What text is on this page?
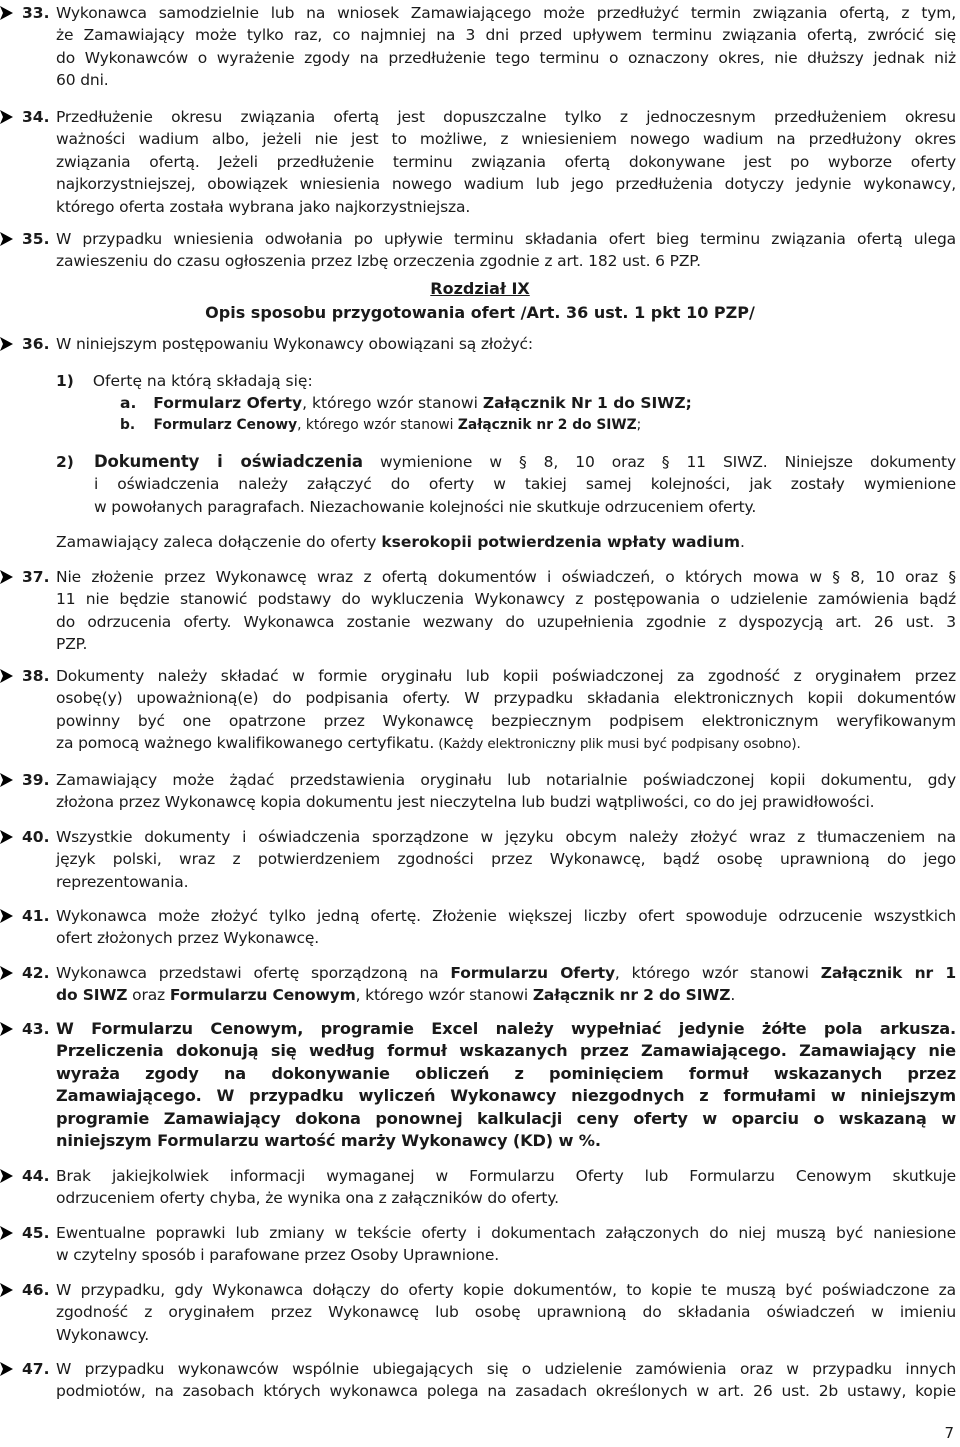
33. Wykonawca samodzielnie lub na wniosek Zamawiającego może przedłużyć termin związania ofertą, z tym,
że Zamawiający może tylko raz, co najmniej na 3 dni przed upływem terminu związania ofertą, zwrócić się
do Wykonawców o wyrażenie zgody na przedłużenie tego terminu o oznaczony okres, nie dłuższy jednak niż
60 dni.
34. Przedłużenie okresu związania ofertą jest dopuszczalne tylko z jednoczesnym przedłużeniem okresu
ważności wadium albo, jeżeli nie jest to możliwe, z wniesieniem nowego wadium na przedłużony okres
związania ofertą. Jeżeli przedłużenie terminu związania ofertą dokonywane jest po wyborze oferty
najkorzystniejszej, obowiązek wniesienia nowego wadium lub jego przedłużenia dotyczy jedynie wykonawcy,
którego oferta została wybrana jako najkorzystniejsza.
35. W przypadku wniesienia odwołania po upływie terminu składania ofert bieg terminu związania ofertą ulega
zawieszeniu do czasu ogłoszenia przez Izbę orzeczenia zgodnie z art. 182 ust. 6 PZP.
Rozdział IX
Opis sposobu przygotowania ofert /Art. 36 ust. 1 pkt 10 PZP/
36. W niniejszym postępowaniu Wykonawcy obowiązani są złożyć:
1) Ofertę na którą składają się:
a. Formularz Oferty, którego wzór stanowi Załącznik Nr 1 do SIWZ;
b. Formularz Cenowy, którego wzór stanowi Załącznik nr 2 do SIWZ;
2) Dokumenty i oświadczenia wymienione w § 8, 10 oraz § 11 SIWZ. Niniejsze dokumenty
i oświadczenia należy załączyć do oferty w takiej samej kolejności, jak zostały wymienione
w powołanych paragrafach. Niezachowanie kolejności nie skutkuje odrzuceniem oferty.
Zamawiający zaleca dołączenie do oferty kserokopii potwierdzenia wpłaty wadium.
37. Nie złożenie przez Wykonawcę wraz z ofertą dokumentów i oświadczeń, o których mowa w § 8, 10 oraz §
11 nie będzie stanowić podstawy do wykluczenia Wykonawcy z postępowania o udzielenie zamówienia bądź
do odrzucenia oferty. Wykonawca zostanie wezwany do uzupełnienia zgodnie z dyspozycją art. 26 ust. 3
PZP.
38. Dokumenty należy składać w formie oryginału lub kopii poświadczonej za zgodność z oryginałem przez
osobę(y) upoważnioną(e) do podpisania oferty. W przypadku składania elektronicznych kopii dokumentów
powinny być one opatrzone przez Wykonawcę bezpiecznym podpisem elektronicznym weryfikowanym
za pomocą ważnego kwalifikowanego certyfikatu. (Każdy elektroniczny plik musi być podpisany osobno).
39. Zamawiający może żądać przedstawienia oryginału lub notarialnie poświadczonej kopii dokumentu, gdy
złożona przez Wykonawcę kopia dokumentu jest nieczytelna lub budzi wątpliwości, co do jej prawidłowości.
40. Wszystkie dokumenty i oświadczenia sporządzone w języku obcym należy złożyć wraz z tłumaczeniem na
język polski, wraz z potwierdzeniem zgodności przez Wykonawcę, bądź osobę uprawnioną do jego
reprezentowania.
41. Wykonawca może złożyć tylko jedną ofertę. Złożenie większej liczby ofert spowoduje odrzucenie wszystkich
ofert złożonych przez Wykonawcę.
42. Wykonawca przedstawi ofertę sporządzoną na Formularzu Oferty, którego wzór stanowi Załącznik nr 1
do SIWZ oraz Formularzu Cenowym, którego wzór stanowi Załącznik nr 2 do SIWZ.
43. W Formularzu Cenowym, programie Excel należy wypełniać jedynie żółte pola arkusza.
Przeliczenia dokonują się według formuł wskazanych przez Zamawiającego. Zamawiający nie
wyraża zgody na dokonywanie obliczeń z pominięciem formuł wskazanych przez
Zamawiającego. W przypadku wyliczeń Wykonawcy niezgodnych z formułami w niniejszym
programie Zamawiający dokona ponownej kalkulacji ceny oferty w oparciu o wskazaną w
niniejszym Formularzu wartość marży Wykonawcy (KD) w %.
44. Brak jakiejkolwiek informacji wymaganej w Formularzu Oferty lub Formularzu Cenowym skutkuje
odrzuceniem oferty chyba, że wynika ona z załączników do oferty.
45. Ewentualne poprawki lub zmiany w tekście oferty i dokumentach załączonych do niej muszą być naniesione
w czytelny sposób i parafowane przez Osoby Uprawnione.
46. W przypadku, gdy Wykonawca dołączy do oferty kopie dokumentów, to kopie te muszą być poświadczone za
zgodność z oryginałem przez Wykonawcę lub osobę uprawnioną do składania oświadczeń w imieniu
Wykonawcy.
47. W przypadku wykonawców wspólnie ubiegających się o udzielenie zamówienia oraz w przypadku innych
podmiotów, na zasobach których wykonawca polega na zasadach określonych w art. 26 ust. 2b ustawy, kopie
7
